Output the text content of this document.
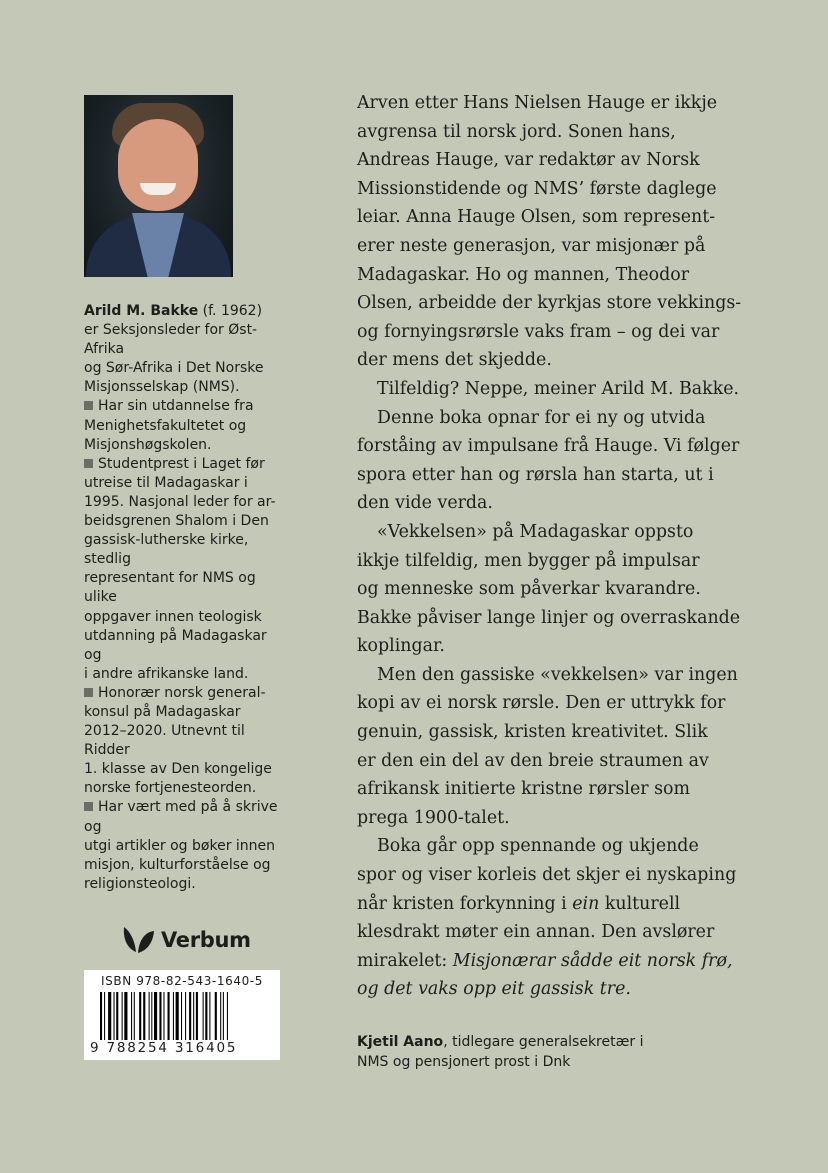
Arild M. Bakke (f. 1962)

er Seksjonsleder for Øst-Afrika
og Sør-Afrika i Det Norske
Misjonsselskap (NMS).

Har sin utdannelse fra
Menighetsfakultetet og
Misjonshøgskolen.

Studentprest i Laget før
utreise til Madagaskar i
1995. Nasjonal leder for ar-
beidsgrenen Shalom i Den
gassisk-lutherske kirke, stedlig
representant for NMS og ulike
oppgaver innen teologisk
utdanning på Madagaskar og
i andre afrikanske land.

Honorær norsk general-
konsul på Madagaskar
2012–2020. Utnevnt til Ridder
1. klasse av Den kongelige
norske fortjenesteorden.

Har vært med på å skrive og
utgi artikler og bøker innen
misjon, kulturforståelse og
religionsteologi.

Verbum
ISBN 978-82-543-1640-5
9 788254 316405

Arven etter Hans Nielsen Hauge er ikkje
avgrensa til norsk jord. Sonen hans,
Andreas Hauge, var redaktør av Norsk
Missionstidende og NMS’ første daglege
leiar. Anna Hauge Olsen, som represent-
erer neste generasjon, var misjonær på
Madagaskar. Ho og mannen, Theodor
Olsen, arbeidde der kyrkjas store vekkings-
og fornyingsrørsle vaks fram – og dei var
der mens det skjedde.

Tilfeldig? Neppe, meiner Arild M. Bakke.

Denne boka opnar for ei ny og utvida
forståing av impulsane frå Hauge. Vi følger
spora etter han og rørsla han starta, ut i
den vide verda.

«Vekkelsen» på Madagaskar oppsto
ikkje tilfeldig, men bygger på impulsar
og menneske som påverkar kvarandre.
Bakke påviser lange linjer og overraskande
koplingar.

Men den gassiske «vekkelsen» var ingen
kopi av ei norsk rørsle. Den er uttrykk for
genuin, gassisk, kristen kreativitet. Slik
er den ein del av den breie straumen av
afrikansk initierte kristne rørsler som
prega 1900-talet.

Boka går opp spennande og ukjende
spor og viser korleis det skjer ei nyskaping
når kristen forkynning i ein kulturell
klesdrakt møter ein annan. Den avslører
mirakelet: Misjonærar sådde eit norsk frø,
og det vaks opp eit gassisk tre.

Kjetil Aano, tidlegare generalsekretær i
NMS og pensjonert prost i Dnk
